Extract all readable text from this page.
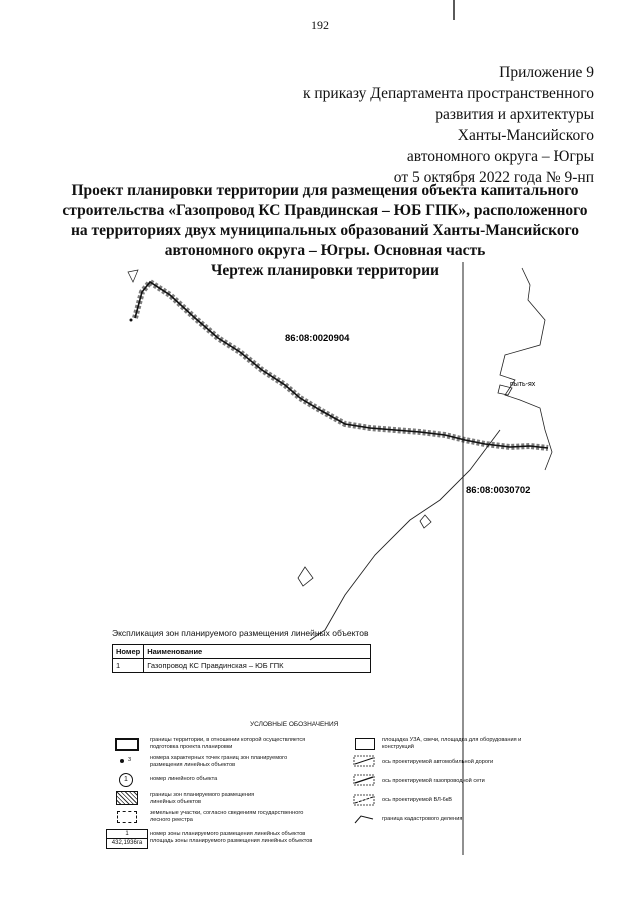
192
Приложение 9
к приказу Департамента пространственного
развития и архитектуры
Ханты-Мансийского
автономного округа – Югры
от 5 октября 2022 года № 9-нп
Проект планировки территории для размещения объекта капитального
строительства «Газопровод КС Правдинская – ЮБ ГПК», расположенного
на территориях двух муниципальных образований Ханты-Мансийского
автономного округа – Югры. Основная часть
Чертеж планировки территории
86:08:0020904
86:08:0030702
пыть-ях
Экспликация зон планируемого размещения линейных объектов
Номер	Наименование
1	Газопровод КС Правдинская – ЮБ ГПК
УСЛОВНЫЕ ОБОЗНАЧЕНИЯ
границы территории, в отношении которой осуществляется подготовка проекта планировки
3	номера характерных точек границ зон планируемого размещения линейных объектов
1	номер линейного объекта
границы зон планируемого размещения линейных объектов
земельные участки, согласно сведениям государственного лесного реестра
1
432,1936га
номер зоны планируемого размещения линейных объектов площадь зоны планируемого размещения линейных объектов
площадка УЗА, свечи, площадка для оборудования и конструкций
ось проектируемой автомобильной дороги
ось проектируемой газопроводной сети
ось проектируемой ВЛ-6кВ
граница кадастрового деления
